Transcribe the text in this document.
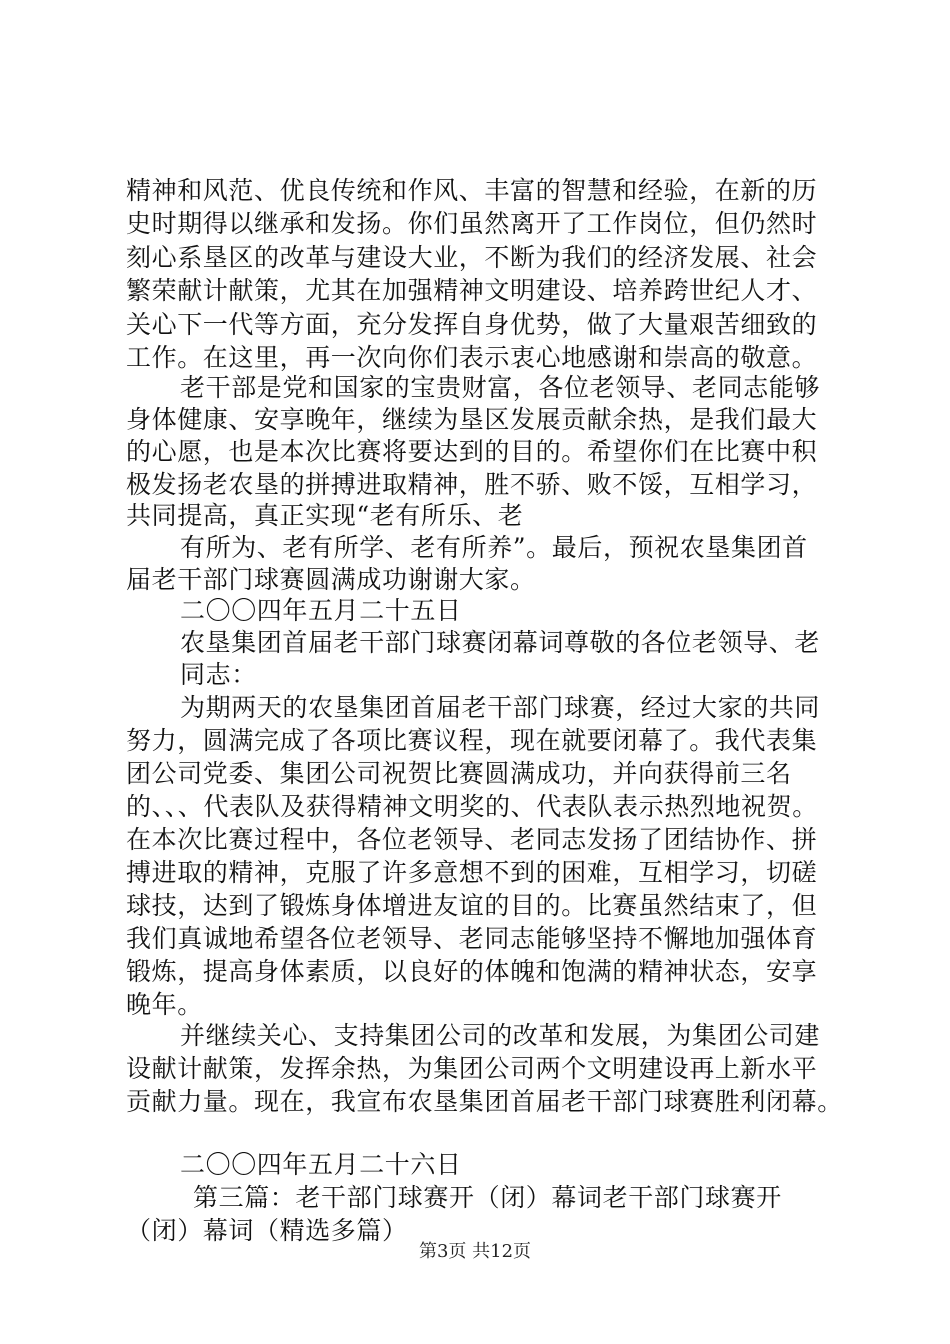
精神和风范、优良传统和作风、丰富的智慧和经验，在新的历
史时期得以继承和发扬。你们虽然离开了工作岗位，但仍然时
刻心系垦区的改革与建设大业，不断为我们的经济发展、社会
繁荣献计献策，尤其在加强精神文明建设、培养跨世纪人才、
关心下一代等方面，充分发挥自身优势，做了大量艰苦细致的
工作。在这里，再一次向你们表示衷心地感谢和崇高的敬意。
老干部是党和国家的宝贵财富，各位老领导、老同志能够
身体健康、安享晚年，继续为垦区发展贡献余热，是我们最大
的心愿，也是本次比赛将要达到的目的。希望你们在比赛中积
极发扬老农垦的拼搏进取精神，胜不骄、败不馁，互相学习，
共同提高，真正实现“老有所乐、老
有所为、老有所学、老有所养”。最后，预祝农垦集团首
届老干部门球赛圆满成功谢谢大家。
二〇〇四年五月二十五日
农垦集团首届老干部门球赛闭幕词尊敬的各位老领导、老
同志：
为期两天的农垦集团首届老干部门球赛，经过大家的共同
努力，圆满完成了各项比赛议程，现在就要闭幕了。我代表集
团公司党委、集团公司祝贺比赛圆满成功，并向获得前三名
的、、、代表队及获得精神文明奖的、代表队表示热烈地祝贺。
在本次比赛过程中，各位老领导、老同志发扬了团结协作、拼
搏进取的精神，克服了许多意想不到的困难，互相学习，切磋
球技，达到了锻炼身体增进友谊的目的。比赛虽然结束了，但
我们真诚地希望各位老领导、老同志能够坚持不懈地加强体育
锻炼，提高身体素质，以良好的体魄和饱满的精神状态，安享
晚年。
并继续关心、支持集团公司的改革和发展，为集团公司建
设献计献策，发挥余热，为集团公司两个文明建设再上新水平
贡献力量。现在，我宣布农垦集团首届老干部门球赛胜利闭幕。
二〇〇四年五月二十六日
第三篇：老干部门球赛开（闭）幕词老干部门球赛开
（闭）幕词（精选多篇）
第3页 共12页
